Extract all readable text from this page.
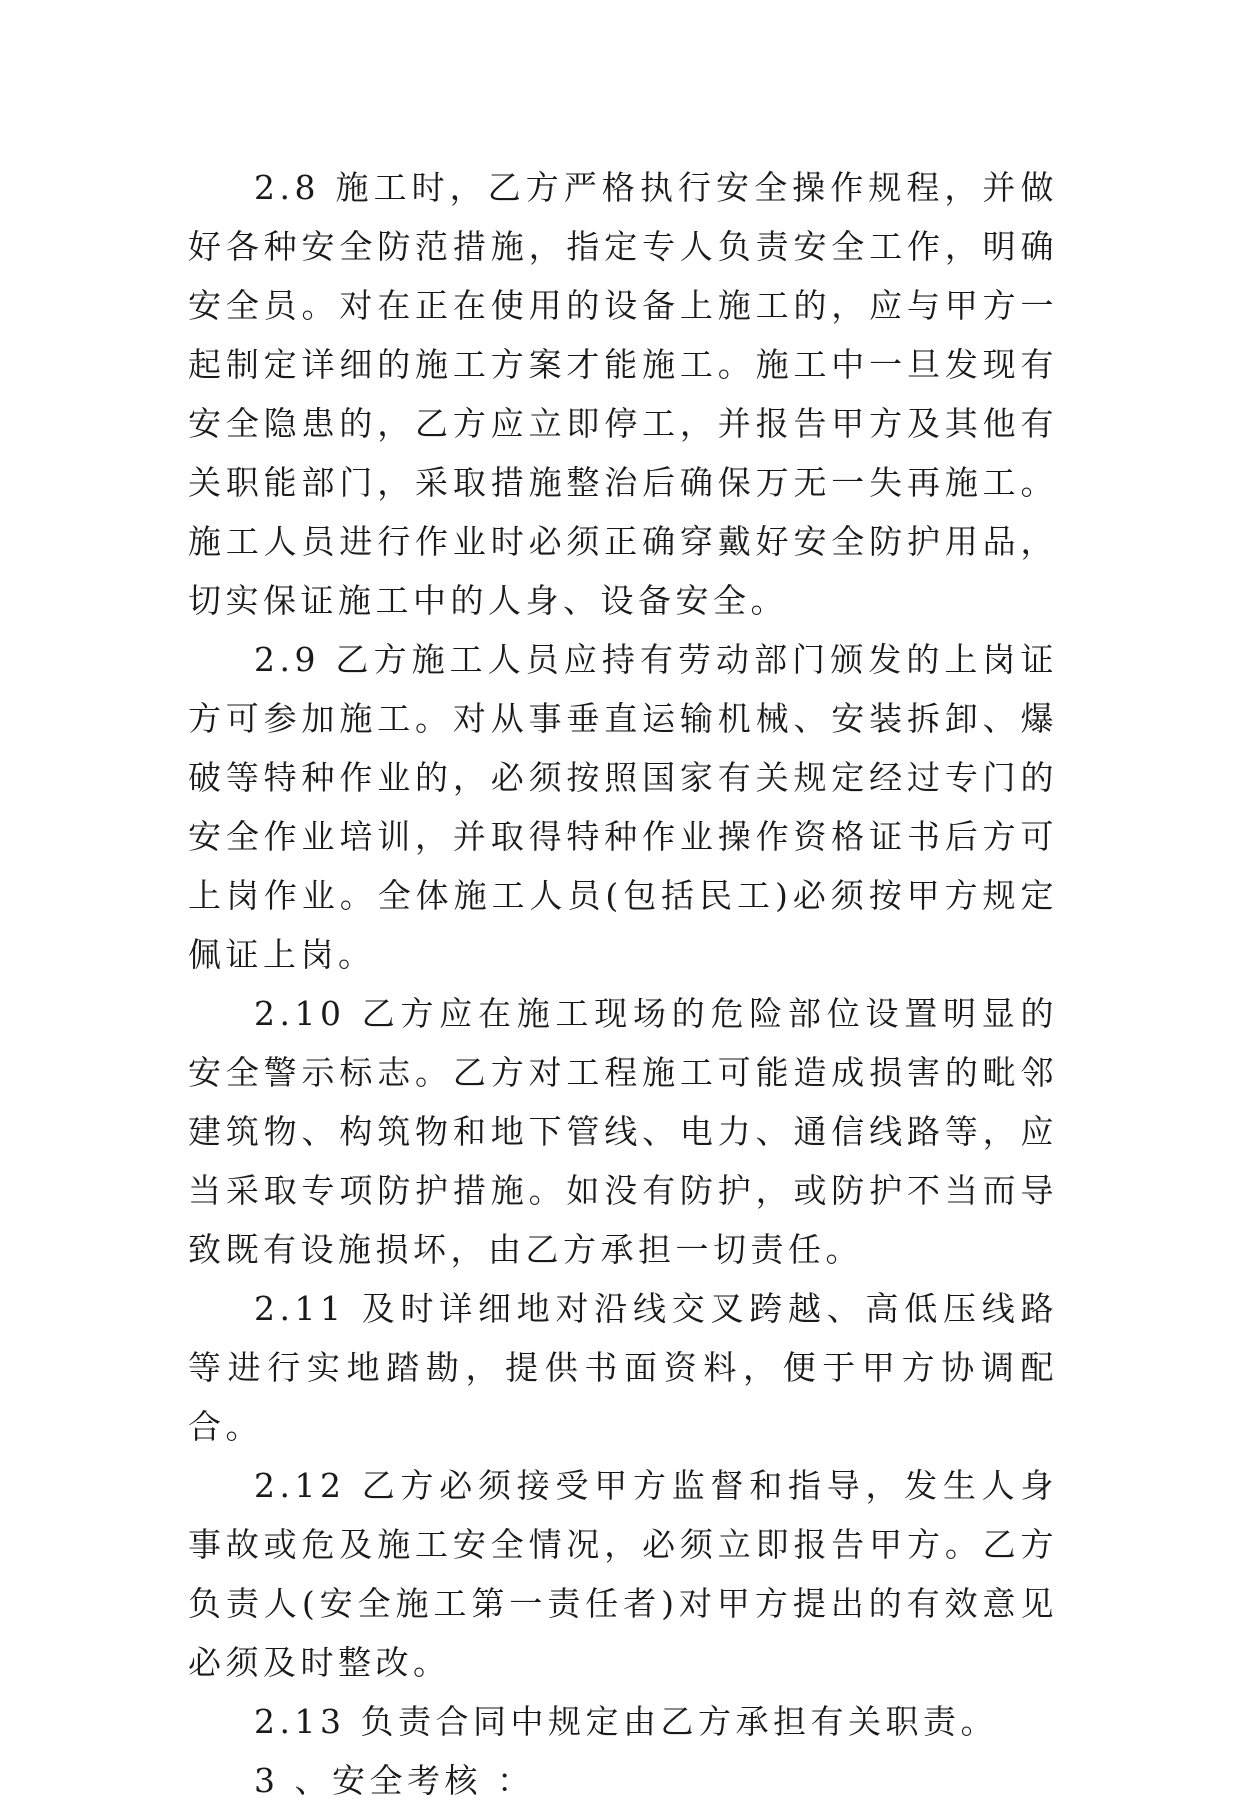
2.8 施工时，乙方严格执行安全操作规程，并做好各种安全防范措施，指定专人负责安全工作，明确安全员。对在正在使用的设备上施工的，应与甲方一起制定详细的施工方案才能施工。施工中一旦发现有安全隐患的，乙方应立即停工，并报告甲方及其他有关职能部门，采取措施整治后确保万无一失再施工。施工人员进行作业时必须正确穿戴好安全防护用品，切实保证施工中的人身、设备安全。

2.9 乙方施工人员应持有劳动部门颁发的上岗证方可参加施工。对从事垂直运输机械、安装拆卸、爆破等特种作业的，必须按照国家有关规定经过专门的安全作业培训，并取得特种作业操作资格证书后方可上岗作业。全体施工人员(包括民工)必须按甲方规定佩证上岗。

2.10 乙方应在施工现场的危险部位设置明显的安全警示标志。乙方对工程施工可能造成损害的毗邻建筑物、构筑物和地下管线、电力、通信线路等，应当采取专项防护措施。如没有防护，或防护不当而导致既有设施损坏，由乙方承担一切责任。

2.11 及时详细地对沿线交叉跨越、高低压线路等进行实地踏勘，提供书面资料，便于甲方协调配合。

2.12 乙方必须接受甲方监督和指导，发生人身事故或危及施工安全情况，必须立即报告甲方。乙方负责人(安全施工第一责任者)对甲方提出的有效意见必须及时整改。

2.13 负责合同中规定由乙方承担有关职责。

3 、安全考核 ：
